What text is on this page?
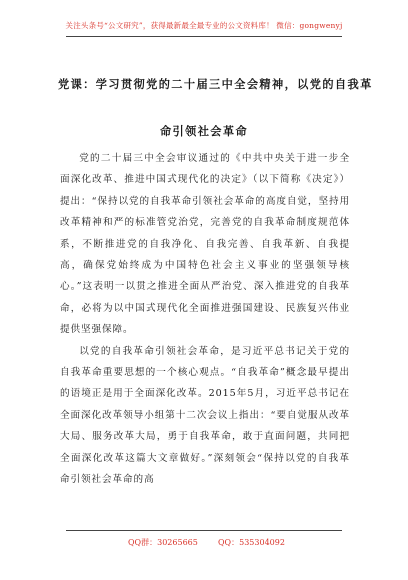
关注头条号“公文研究”，获得最新最全最专业的公文资料库！ 微信：gongwenyj
党课：学习贯彻党的二十届三中全会精神，以党的自我革
命引领社会革命

党的二十届三中全会审议通过的《中共中央关于进一步全面深化改革、推进中国式现代化的决定》（以下简称《决定》）提出：“保持以党的自我革命引领社会革命的高度自觉，坚持用改革精神和严的标准管党治党，完善党的自我革命制度规范体系，不断推进党的自我净化、自我完善、自我革新、自我提高，确保党始终成为中国特色社会主义事业的坚强领导核心。”这表明一以贯之推进全面从严治党、深入推进党的自我革命，必将为以中国式现代化全面推进强国建设、民族复兴伟业提供坚强保障。

以党的自我革命引领社会革命，是习近平总书记关于党的自我革命重要思想的一个核心观点。“自我革命”概念最早提出的语境正是用于全面深化改革。2015年5月，习近平总书记在全面深化改革领导小组第十二次会议上指出：“要自觉服从改革大局、服务改革大局，勇于自我革命，敢于直面问题，共同把全面深化改革这篇大文章做好。”深刻领会“保持以党的自我革命引领社会革命的高

QQ群：30265665	QQ：535304092
